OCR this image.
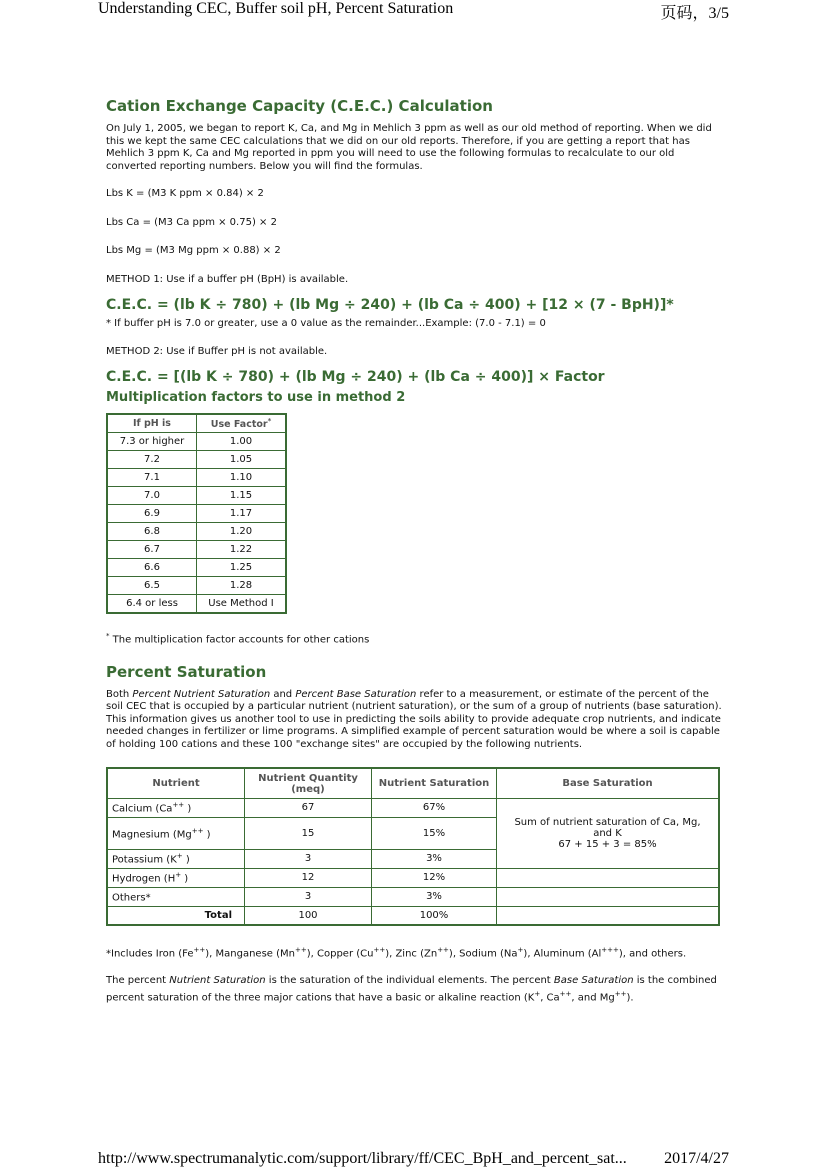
Understanding CEC, Buffer soil pH, Percent Saturation	页码，3/5
Cation Exchange Capacity (C.E.C.) Calculation

On July 1, 2005, we began to report K, Ca, and Mg in Mehlich 3 ppm as well as our old method of reporting. When we did this we kept the same CEC calculations that we did on our old reports. Therefore, if you are getting a report that has Mehlich 3 ppm K, Ca and Mg reported in ppm you will need to use the following formulas to recalculate to our old converted reporting numbers. Below you will find the formulas.

Lbs K = (M3 K ppm × 0.84) × 2

Lbs Ca = (M3 Ca ppm × 0.75) × 2

Lbs Mg = (M3 Mg ppm × 0.88) × 2

METHOD 1: Use if a buffer pH (BpH) is available.

C.E.C. = (lb K ÷ 780) + (lb Mg ÷ 240) + (lb Ca ÷ 400) + [12 × (7 - BpH)]*

* If buffer pH is 7.0 or greater, use a 0 value as the remainder...Example: (7.0 - 7.1) = 0

METHOD 2: Use if Buffer pH is not available.

C.E.C. = [(lb K ÷ 780) + (lb Mg ÷ 240) + (lb Ca ÷ 400)] × Factor
Multiplication factors to use in method 2
If pH is	Use Factor*
7.3 or higher	1.00
7.2	1.05
7.1	1.10
7.0	1.15
6.9	1.17
6.8	1.20
6.7	1.22
6.6	1.25
6.5	1.28
6.4 or less	Use Method I

* The multiplication factor accounts for other cations

Percent Saturation

Both Percent Nutrient Saturation and Percent Base Saturation refer to a measurement, or estimate of the percent of the soil CEC that is occupied by a particular nutrient (nutrient saturation), or the sum of a group of nutrients (base saturation). This information gives us another tool to use in predicting the soils ability to provide adequate crop nutrients, and indicate needed changes in fertilizer or lime programs. A simplified example of percent saturation would be where a soil is capable of holding 100 cations and these 100 "exchange sites" are occupied by the following nutrients.

Nutrient	Nutrient Quantity (meq)	Nutrient Saturation	Base Saturation
Calcium (Ca++ )	67	67%	Sum of nutrient saturation of Ca, Mg, and K
67 + 15 + 3 = 85%

Magnesium (Mg++ )	15	15%	
Potassium (K+ )	3	3%	
Hydrogen (H+ )	12	12%	
Others*	3	3%	
Total	100	100%	

*Includes Iron (Fe++), Manganese (Mn++), Copper (Cu++), Zinc (Zn++), Sodium (Na+), Aluminum (Al+++), and others.

The percent Nutrient Saturation is the saturation of the individual elements. The percent Base Saturation is the combined percent saturation of the three major cations that have a basic or alkaline reaction (K+, Ca++, and Mg++).

http://www.spectrumanalytic.com/support/library/ff/CEC_BpH_and_percent_sat... 2017/4/27
